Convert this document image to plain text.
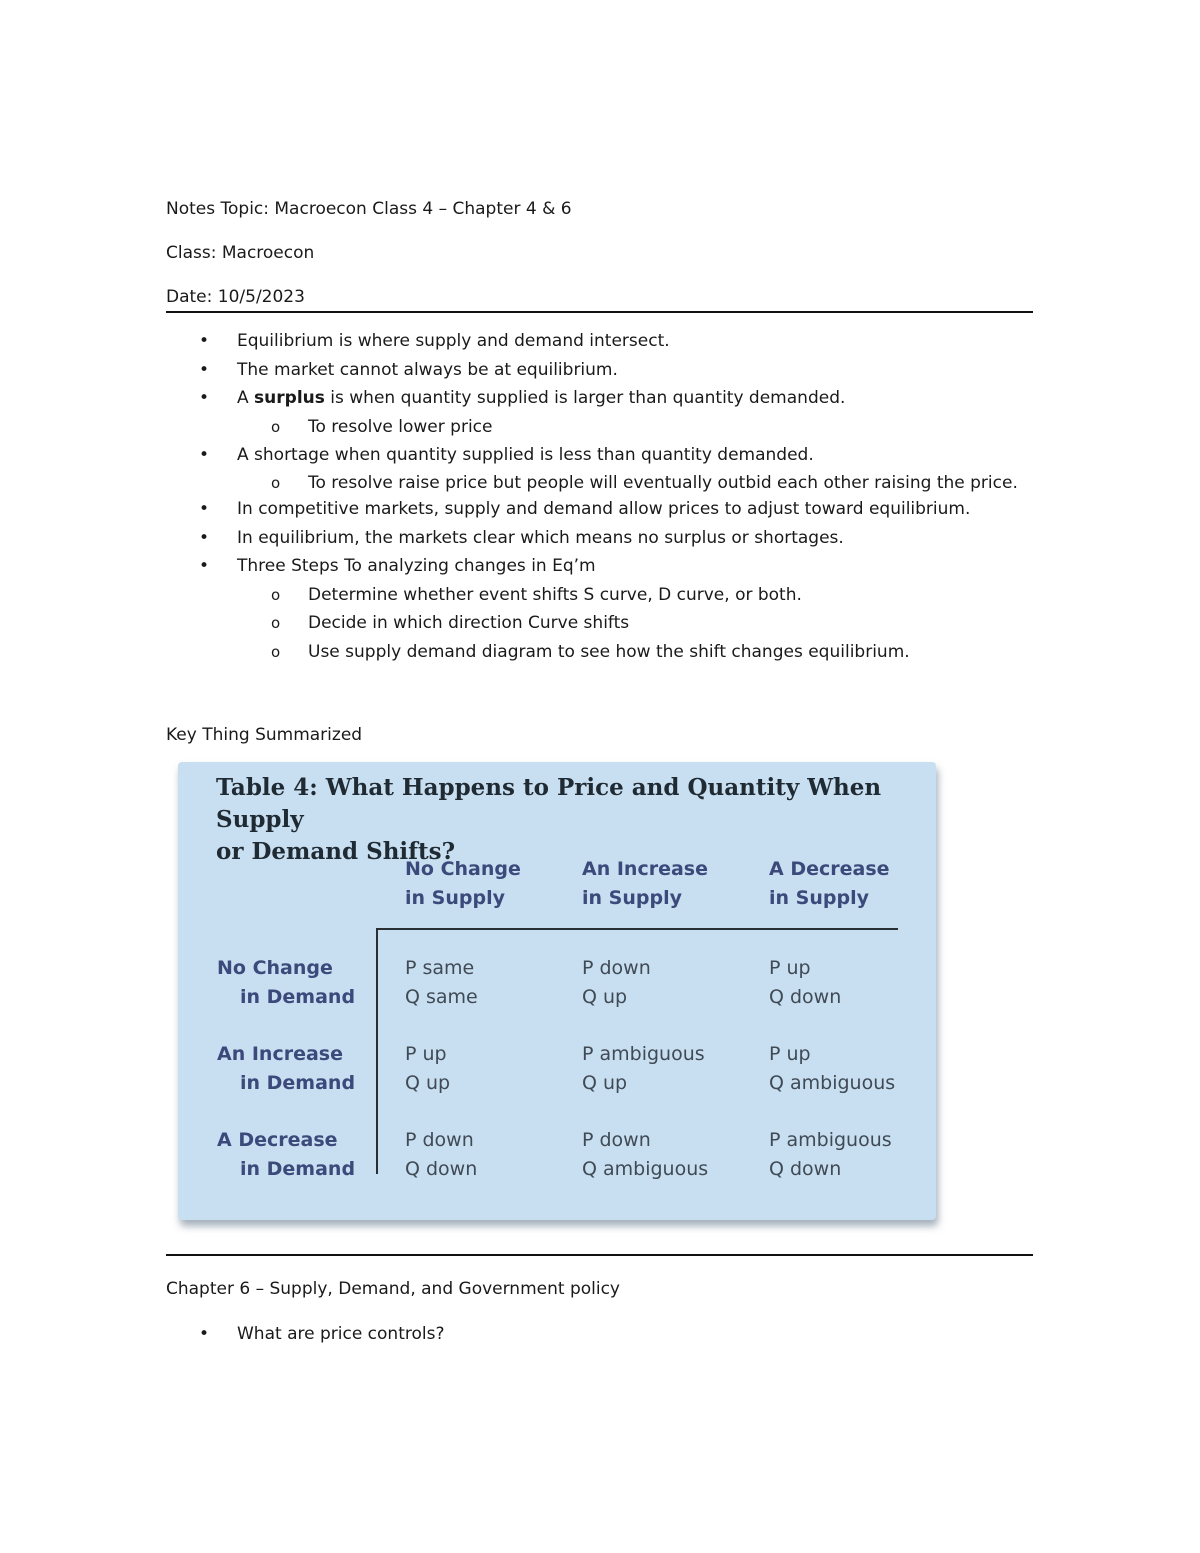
Notes Topic: Macroecon Class 4 – Chapter 4 & 6
Class: Macroecon
Date: 10/5/2023
• Equilibrium is where supply and demand intersect.
• The market cannot always be at equilibrium.
• A surplus is when quantity supplied is larger than quantity demanded.
o To resolve lower price
• A shortage when quantity supplied is less than quantity demanded.
o To resolve raise price but people will eventually outbid each other raising the price.
• In competitive markets, supply and demand allow prices to adjust toward equilibrium.
• In equilibrium, the markets clear which means no surplus or shortages.
• Three Steps To analyzing changes in Eq’m
o Determine whether event shifts S curve, D curve, or both.
o Decide in which direction Curve shifts
o Use supply demand diagram to see how the shift changes equilibrium.
Key Thing Summarized
Table 4: What Happens to Price and Quantity When Supply
or Demand Shifts?
No Change
in Supply
An Increase
in Supply
A Decrease
in Supply
No Change
in Demand
P same
Q same
P down
Q up
P up
Q down
An Increase
in Demand
P up
Q up
P ambiguous
Q up
P up
Q ambiguous
A Decrease
in Demand
P down
Q down
P down
Q ambiguous
P ambiguous
Q down
Chapter 6 – Supply, Demand, and Government policy
• What are price controls?
